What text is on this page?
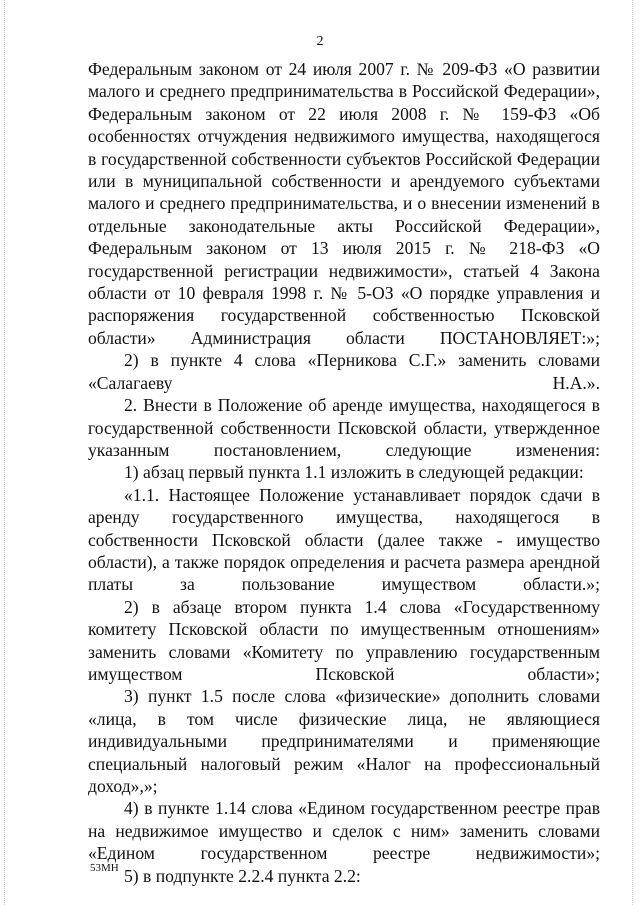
2

Федеральным законом от 24 июля 2007 г. № 209-ФЗ «О развитии малого и среднего предпринимательства в Российской Федерации», Федеральным законом от 22 июля 2008 г. № 159-ФЗ «Об особенностях отчуждения недвижимого имущества, находящегося в государственной собственности субъектов Российской Федерации или в муниципальной собственности и арендуемого субъектами малого и среднего предпринимательства, и о внесении изменений в отдельные законодательные акты Российской Федерации», Федеральным законом от 13 июля 2015 г. № 218-ФЗ «О государственной регистрации недвижимости», статьей 4 Закона области от 10 февраля 1998 г. № 5-ОЗ «О порядке управления и распоряжения государственной собственностью Псковской области» Администрация области ПОСТАНОВЛЯЕТ:»;

2) в пункте 4 слова «Перникова С.Г.» заменить словами «Салагаеву Н.А.».

2. Внести в Положение об аренде имущества, находящегося в государственной собственности Псковской области, утвержденное указанным постановлением, следующие изменения:

1) абзац первый пункта 1.1 изложить в следующей редакции:

«1.1. Настоящее Положение устанавливает порядок сдачи в аренду государственного имущества, находящегося в собственности Псковской области (далее также - имущество области), а также порядок определения и расчета размера арендной платы за пользование имуществом области.»;

2) в абзаце втором пункта 1.4 слова «Государственному комитету Псковской области по имущественным отношениям» заменить словами «Комитету по управлению государственным имуществом Псковской области»;

3) пункт 1.5 после слова «физические» дополнить словами «лица, в том числе физические лица, не являющиеся индивидуальными предпринимателями и применяющие специальный налоговый режим «Налог на профессиональный доход»,»;

4) в пункте 1.14 слова «Едином государственном реестре прав на недвижимое имущество и сделок с ним» заменить словами «Едином государственном реестре недвижимости»;

5) в подпункте 2.2.4 пункта 2.2:

53МН
